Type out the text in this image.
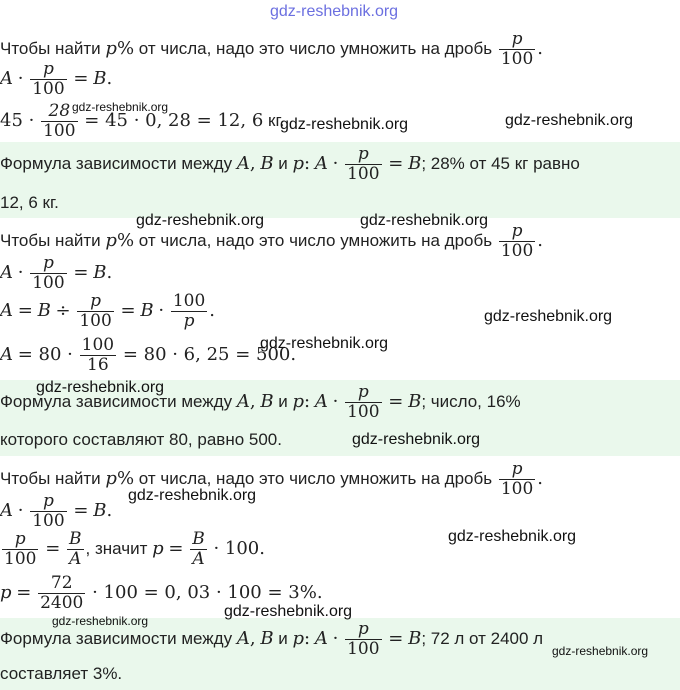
gdz-reshebnik.org
Чтобы найти p% от числа, надо это число умножить на дробь $\frac{p}{100}$ .
$A \cdot \frac{p}{100} = B$.
$45 \cdot \frac{28}{100} = 45 \cdot 0$, 28 = 12, 6 кг.
Формула зависимости между A, B и p: $A \cdot \frac{p}{100} = B$; 28% от 45 кг равно
12, 6 кг.
Чтобы найти p% от числа, надо это число умножить на дробь $\frac{p}{100}$ .
$A \cdot \frac{p}{100} = B$.
$A = B \div \frac{p}{100} = B \cdot \frac{100}{p}$ .
$A = 80 \cdot \frac{100}{16} = 80 \cdot 6$, 25 = 500.
Формула зависимости между A, B и p: $A \cdot \frac{p}{100} = B$; число, 16%
которого составляют 80, равно 500.
Чтобы найти p% от числа, надо это число умножить на дробь $\frac{p}{100}$ .
$A \cdot \frac{p}{100} = B$.
$\frac{p}{100} = \frac{B}{A}$ , значит $p = \frac{B}{A} \cdot 100$.
$p = \frac{72}{2400} \cdot 100 = 0$, 03 · 100 = 3%.
Формула зависимости между A, B и p: $A \cdot \frac{p}{100} = B$; 72 л от 2400 л
составляет 3%.
gdz-reshebnik.org
gdz-reshebnik.org	gdz-reshebnik.org
gdz-reshebnik.org	gdz-reshebnik.org
gdz-reshebnik.org
gdz-reshebnik.org
gdz-reshebnik.org
gdz-reshebnik.org
gdz-reshebnik.org
gdz-reshebnik.org
gdz-reshebnik.org
gdz-reshebnik.org
gdz-reshebnik.org
